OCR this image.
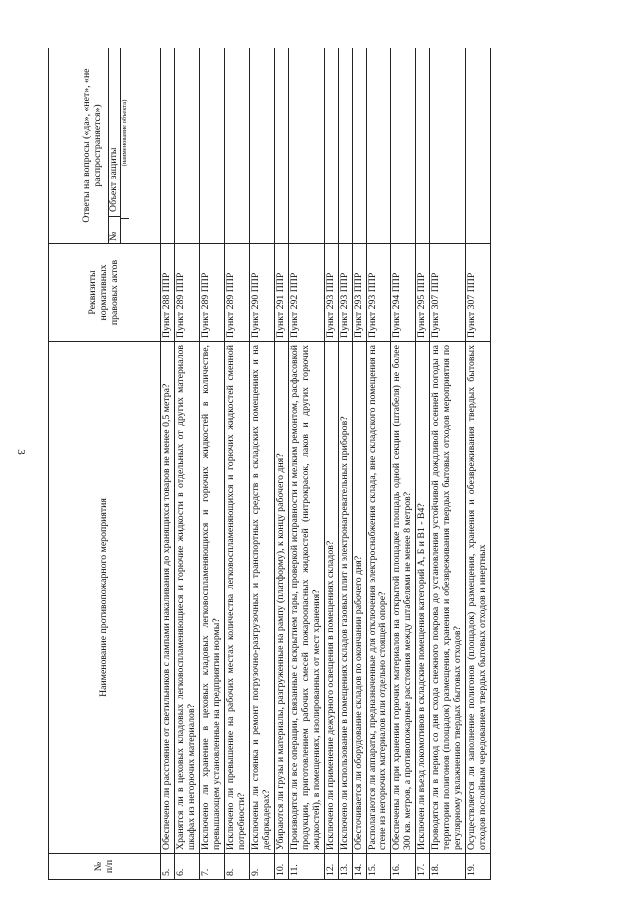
3
№ п/п	Наименование противопожарного мероприятия	Реквизиты нормативных правовых актов	Ответы на вопросы («да», «нет», «не распространяется»)
№
Объект защиты
(наименование объекта)

5.	Обеспечено ли расстояние от светильников с лампами накаливания до хранящихся товаров не менее 0,5 метра?	Пункт 288 ППР	
6.	Хранятся ли в цеховых кладовых легковоспламеняющиеся и горючие жидкости в отдельных от других материалов шкафах из негорючих материалов?	Пункт 289 ППР	
7.	Исключено ли хранение в цеховых кладовых легковоспламеняющихся и горючих жидкостей в количестве, превышающем установленные на предприятии нормы?	Пункт 289 ППР	
8.	Исключено ли превышение на рабочих местах количества легковоспламеняющихся и горючих жидкостей сменной потребности?	Пункт 289 ППР	
9.	Исключены ли стоянка и ремонт погрузочно-разгрузочных и транспортных средств в складских помещениях и на дебаркадерах?	Пункт 290 ППР	
10.	Убираются ли грузы и материалы, разгруженные на рампу (платформу), к концу рабочего дня?	Пункт 291 ППР	
11.	Производятся ли все операции, связанные с вскрытием тары, проверкой исправности и мелким ремонтом, расфасовкой продукции, приготовлением рабочих смесей пожароопасных жидкостей (нитрокрасок, лаков и других горючих жидкостей), в помещениях, изолированных от мест хранения?	Пункт 292 ППР	
12.	Исключено ли применение дежурного освещения в помещениях складов?	Пункт 293 ППР	
13.	Исключено ли использование в помещениях складов газовых плит и электронагревательных приборов?	Пункт 293 ППР	
14.	Обесточивается ли оборудование складов по окончании рабочего дня?	Пункт 293 ППР	
15.	Располагаются ли аппараты, предназначенные для отключения электроснабжения склада, вне складского помещения на стене из негорючих материалов или отдельно стоящей опоре?	Пункт 293 ППР	
16.	Обеспечены ли при хранении горючих материалов на открытой площадке площадь одной секции (штабеля) не более 300 кв. метров, а противопожарные расстояния между штабелями не менее 8 метров?	Пункт 294 ППР	
17.	Исключен ли въезд локомотивов в складские помещения категорий А, Б и В1 - В4?	Пункт 295 ППР	
18.	Проводятся ли в период со дня схода снежного покрова до установления устойчивой дождливой осенней погоды на территории полигонов (площадок) размещения, хранения и обезвреживания твердых бытовых отходов мероприятия по регулярному увлажнению твердых бытовых отходов?	Пункт 307 ППР	
19.	Осуществляется ли заполнение полигонов (площадок) размещения, хранения и обезвреживания твердых бытовых отходов послойным чередованием твердых бытовых отходов и инертных	Пункт 307 ППР	
